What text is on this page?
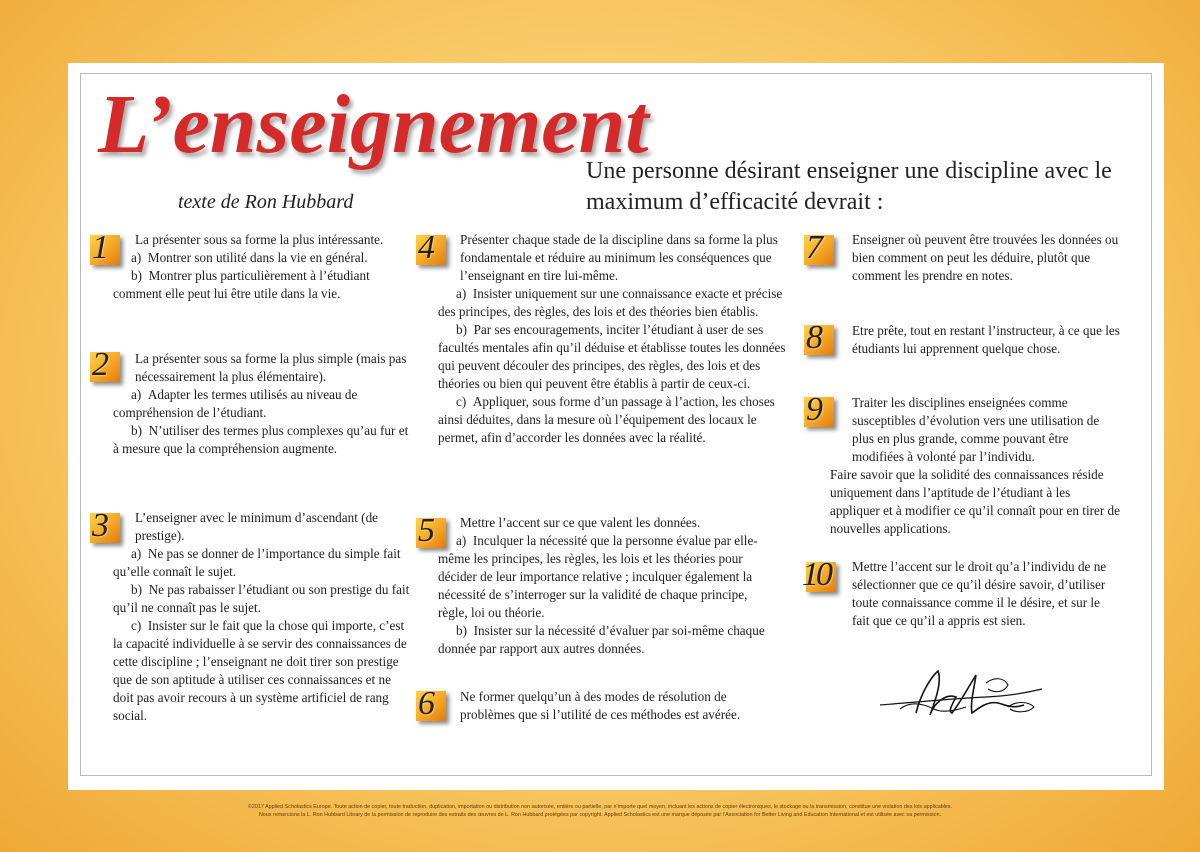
L’enseignement
texte de Ron Hubbard
Une personne désirant enseigner une discipline avec le maximum d’efficacité devrait :
1	La présenter sous sa forme la plus intéressante.

a)  Montrer son utilité dans la vie en général.

b)  Montrer plus particulièrement à l’étudiant comment elle peut lui être utile dans la vie.

2	La présenter sous sa forme la plus simple (mais pas nécessairement la plus élémentaire).

a)  Adapter les termes utilisés au niveau de compréhension de l’étudiant.

b)  N’utiliser des termes plus complexes qu’au fur et à mesure que la compréhension augmente.

3	L’enseigner avec le minimum d’ascendant (de prestige).

a)  Ne pas se donner de l’importance du simple fait qu’elle connaît le sujet.

b)  Ne pas rabaisser l’étudiant ou son prestige du fait qu’il ne connaît pas le sujet.

c)  Insister sur le fait que la chose qui importe, c’est la capacité individuelle à se servir des connaissances de cette discipline ; l’enseignant ne doit tirer son prestige que de son aptitude à utiliser ces connaissances et ne doit pas avoir recours à un système artificiel de rang social.

4	Présenter chaque stade de la discipline dans sa forme la plus fondamentale et réduire au minimum les conséquences que l’enseignant en tire lui-même.

a)  Insister uniquement sur une connaissance exacte et précise des principes, des règles, des lois et des théories bien établis.

b)  Par ses encouragements, inciter l’étudiant à user de ses facultés mentales afin qu’il déduise et établisse toutes les données qui peuvent découler des principes, des règles, des lois et des théories ou bien qui peuvent être établis à partir de ceux-ci.

c)  Appliquer, sous forme d’un passage à l’action, les choses ainsi déduites, dans la mesure où l’équipement des locaux le permet, afin d’accorder les données avec la réalité.

5	Mettre l’accent sur ce que valent les données.

a)  Inculquer la nécessité que la personne évalue par elle-même les principes, les règles, les lois et les théories pour décider de leur importance relative ; inculquer également la nécessité de s’interroger sur la validité de chaque principe, règle, loi ou théorie.

b)  Insister sur la nécessité d’évaluer par soi-même chaque donnée par rapport aux autres données.

6 Ne former quelqu’un à des modes de résolution de problèmes que si l’utilité de ces méthodes est avérée.

7	Enseigner où peuvent être trouvées les données ou bien comment on peut les déduire, plutôt que comment les prendre en notes.

8 Etre prête, tout en restant l’instructeur, à ce que les étudiants lui apprennent quelque chose.

9	Traiter les disciplines enseignées comme susceptibles d’évolution vers une utilisation de plus en plus grande, comme pouvant être modifiées à volonté par l’individu.

Faire savoir que la solidité des connaissances réside uniquement dans l’aptitude de l’étudiant à les appliquer et à modifier ce qu’il connaît pour en tirer de nouvelles applications.

10	Mettre l’accent sur le droit qu’a l’individu de ne sélectionner que ce qu’il désire savoir, d’utiliser toute connaissance comme il le désire, et sur le fait que ce qu’il a appris est sien.

©2017 Applied Scholastics Europe. Toute action de copier, toute traduction, duplication, importation ou distribution non autorisée, entière ou partielle, par n’importe quel moyen, incluant les actions de copier électroniques, le stockage ou la transmission, constitue une violation des lois applicables.
Nous remercions la L. Ron Hubbard Library de la permission de reproduire des extraits des œuvres de L. Ron Hubbard protégées par copyright. Applied Scholastics est une marque déposée par l’Association for Better Living and Education International et est utilisée avec sa permission.
